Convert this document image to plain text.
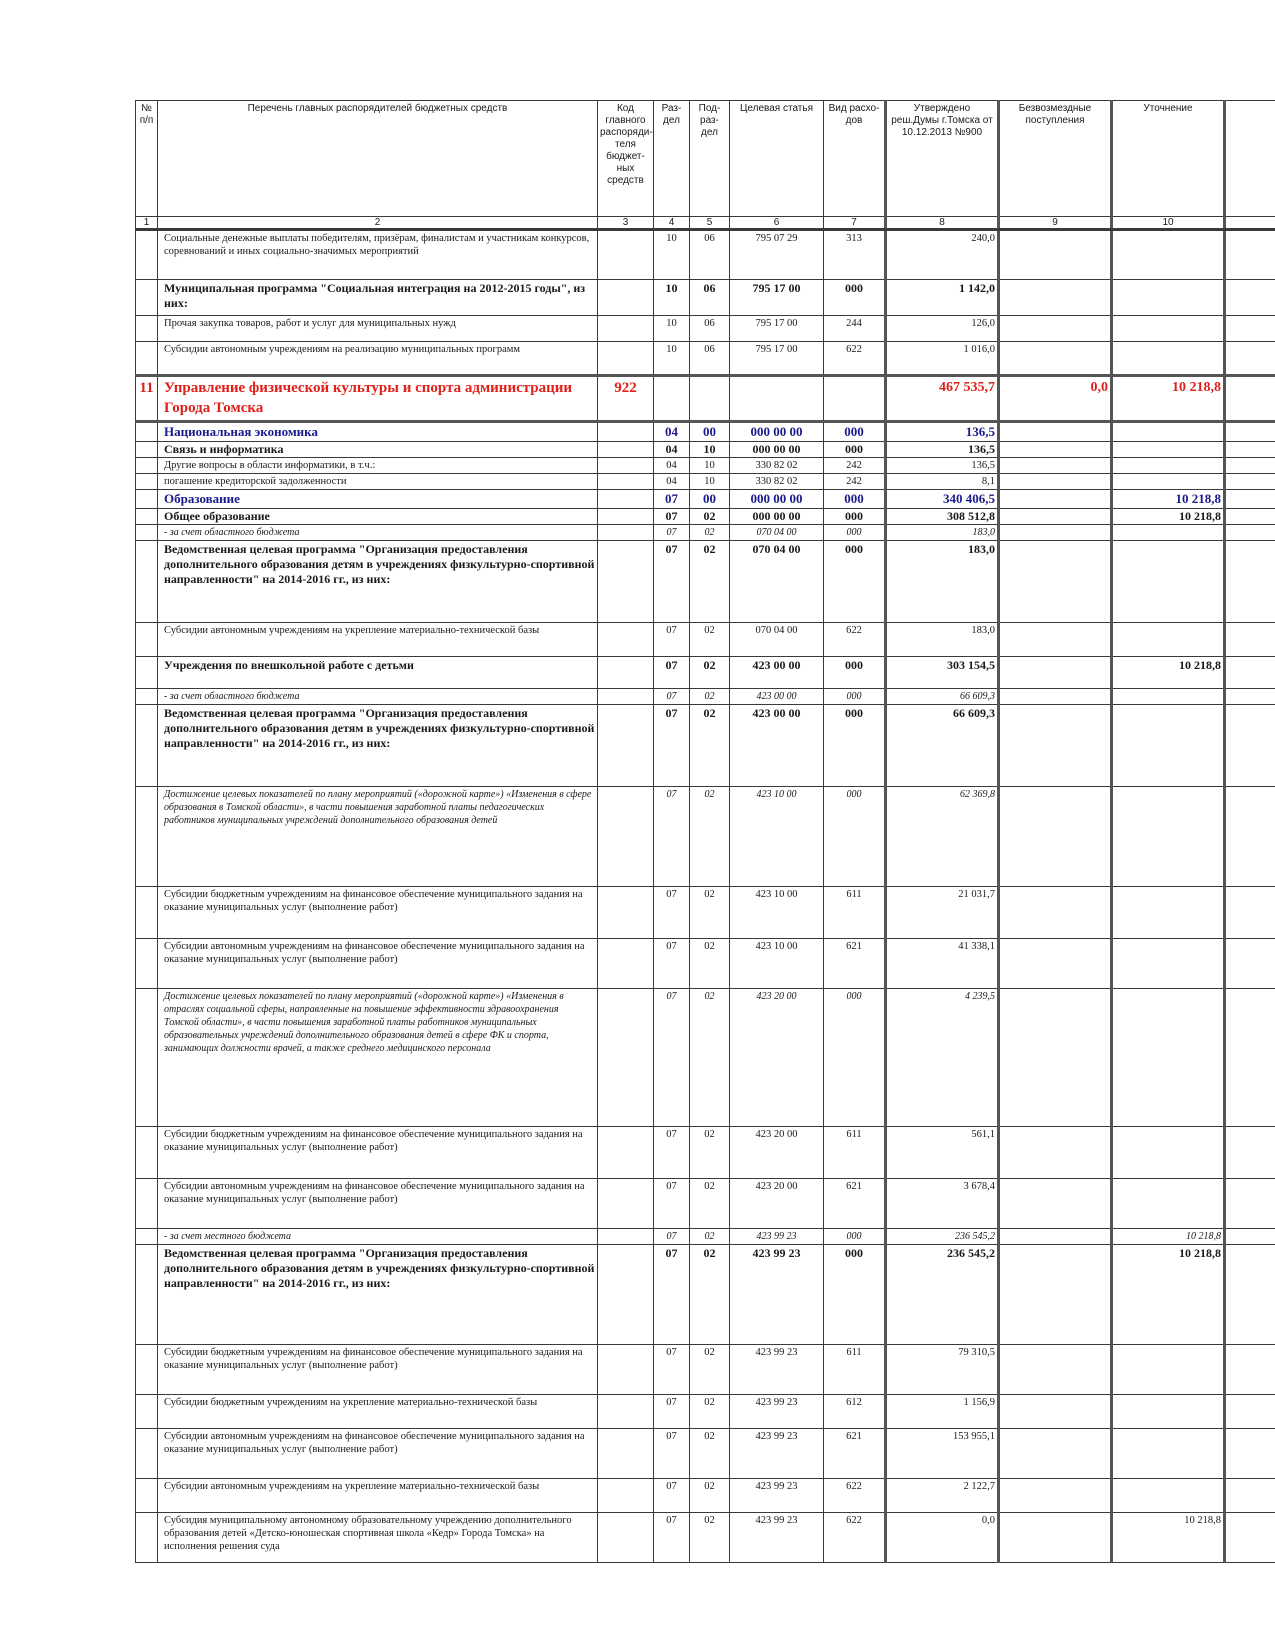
№ п/п	Перечень главных распорядителей бюджетных средств	Код главного распоряди-теля бюджет-ных средств	Раз-дел	Под-раз-дел	Целевая статья	Вид расхо-дов	Утверждено реш.Думы г.Томска от 10.12.2013 №900	Безвозмездные поступления	Уточнение	
1	2	3	4	5	6	7	8	9	10	
	Социальные денежные выплаты победителям, призёрам, финалистам и участникам конкурсов, соревнований и иных социально-значимых мероприятий		10	06	795 07 29	313	240,0			
	Муниципальная программа "Социальная интеграция на 2012-2015 годы", из них:		10	06	795 17 00	000	1 142,0			
	Прочая закупка товаров, работ и услуг для муниципальных нужд		10	06	795 17 00	244	126,0			
	Субсидии автономным учреждениям на реализацию муниципальных программ		10	06	795 17 00	622	1 016,0			
11	Управление физической культуры и спорта администрации Города Томска	922					467 535,7	0,0	10 218,8	
	Национальная экономика		04	00	000 00 00	000	136,5			
	Связь и информатика		04	10	000 00 00	000	136,5			
	Другие вопросы в области информатики, в т.ч.:		04	10	330 82 02	242	136,5			
	погашение кредиторской задолженности		04	10	330 82 02	242	8,1			
	Образование		07	00	000 00 00	000	340 406,5		10 218,8	
	Общее образование		07	02	000 00 00	000	308 512,8		10 218,8	
	- за счет областного бюджета		07	02	070 04 00	000	183,0			
	Ведомственная целевая программа "Организация предоставления дополнительного образования детям в учреждениях физкультурно-спортивной направленности" на 2014-2016 гг., из них:		07	02	070 04 00	000	183,0			
	Субсидии автономным учреждениям на укрепление материально-технической базы		07	02	070 04 00	622	183,0			
	Учреждения по внешкольной работе с детьми		07	02	423 00 00	000	303 154,5		10 218,8	
	- за счет областного бюджета		07	02	423 00 00	000	66 609,3			
	Ведомственная целевая программа "Организация предоставления дополнительного образования детям в учреждениях физкультурно-спортивной направленности" на 2014-2016 гг., из них:		07	02	423 00 00	000	66 609,3			
	Достижение целевых показателей по плану мероприятий («дорожной карте») «Изменения в сфере образования в Томской области», в части повышения заработной платы педагогических работников муниципальных учреждений дополнительного образования детей		07	02	423 10 00	000	62 369,8			
	Субсидии бюджетным учреждениям на финансовое обеспечение муниципального задания на оказание муниципальных услуг (выполнение работ)		07	02	423 10 00	611	21 031,7			
	Субсидии автономным учреждениям на финансовое обеспечение муниципального задания на оказание муниципальных услуг (выполнение работ)		07	02	423 10 00	621	41 338,1			
	Достижение целевых показателей по плану мероприятий («дорожной карте») «Изменения в отраслях социальной сферы, направленные на повышение эффективности здравоохранения Томской области», в части повышения заработной платы работников муниципальных образовательных учреждений дополнительного образования детей в сфере ФК и спорта, занимающих должности врачей, а также среднего медицинского персонала		07	02	423 20 00	000	4 239,5			
	Субсидии бюджетным учреждениям на финансовое обеспечение муниципального задания на оказание муниципальных услуг (выполнение работ)		07	02	423 20 00	611	561,1			
	Субсидии автономным учреждениям на финансовое обеспечение муниципального задания на оказание муниципальных услуг (выполнение работ)		07	02	423 20 00	621	3 678,4			
	- за счет местного бюджета		07	02	423 99 23	000	236 545,2		10 218,8	
	Ведомственная целевая программа "Организация предоставления дополнительного образования детям в учреждениях физкультурно-спортивной направленности" на 2014-2016 гг., из них:		07	02	423 99 23	000	236 545,2		10 218,8	
	Субсидии бюджетным учреждениям на финансовое обеспечение муниципального задания на оказание муниципальных услуг (выполнение работ)		07	02	423 99 23	611	79 310,5			
	Субсидии бюджетным учреждениям на укрепление материально-технической базы		07	02	423 99 23	612	1 156,9			
	Субсидии автономным учреждениям на финансовое обеспечение муниципального задания на оказание муниципальных услуг (выполнение работ)		07	02	423 99 23	621	153 955,1			
	Субсидии автономным учреждениям на укрепление материально-технической базы		07	02	423 99 23	622	2 122,7			
	Субсидия муниципальному автономному образовательному учреждению дополнительного образования детей «Детско-юношеская спортивная школа «Кедр» Города Томска» на исполнения решения суда		07	02	423 99 23	622	0,0		10 218,8	
